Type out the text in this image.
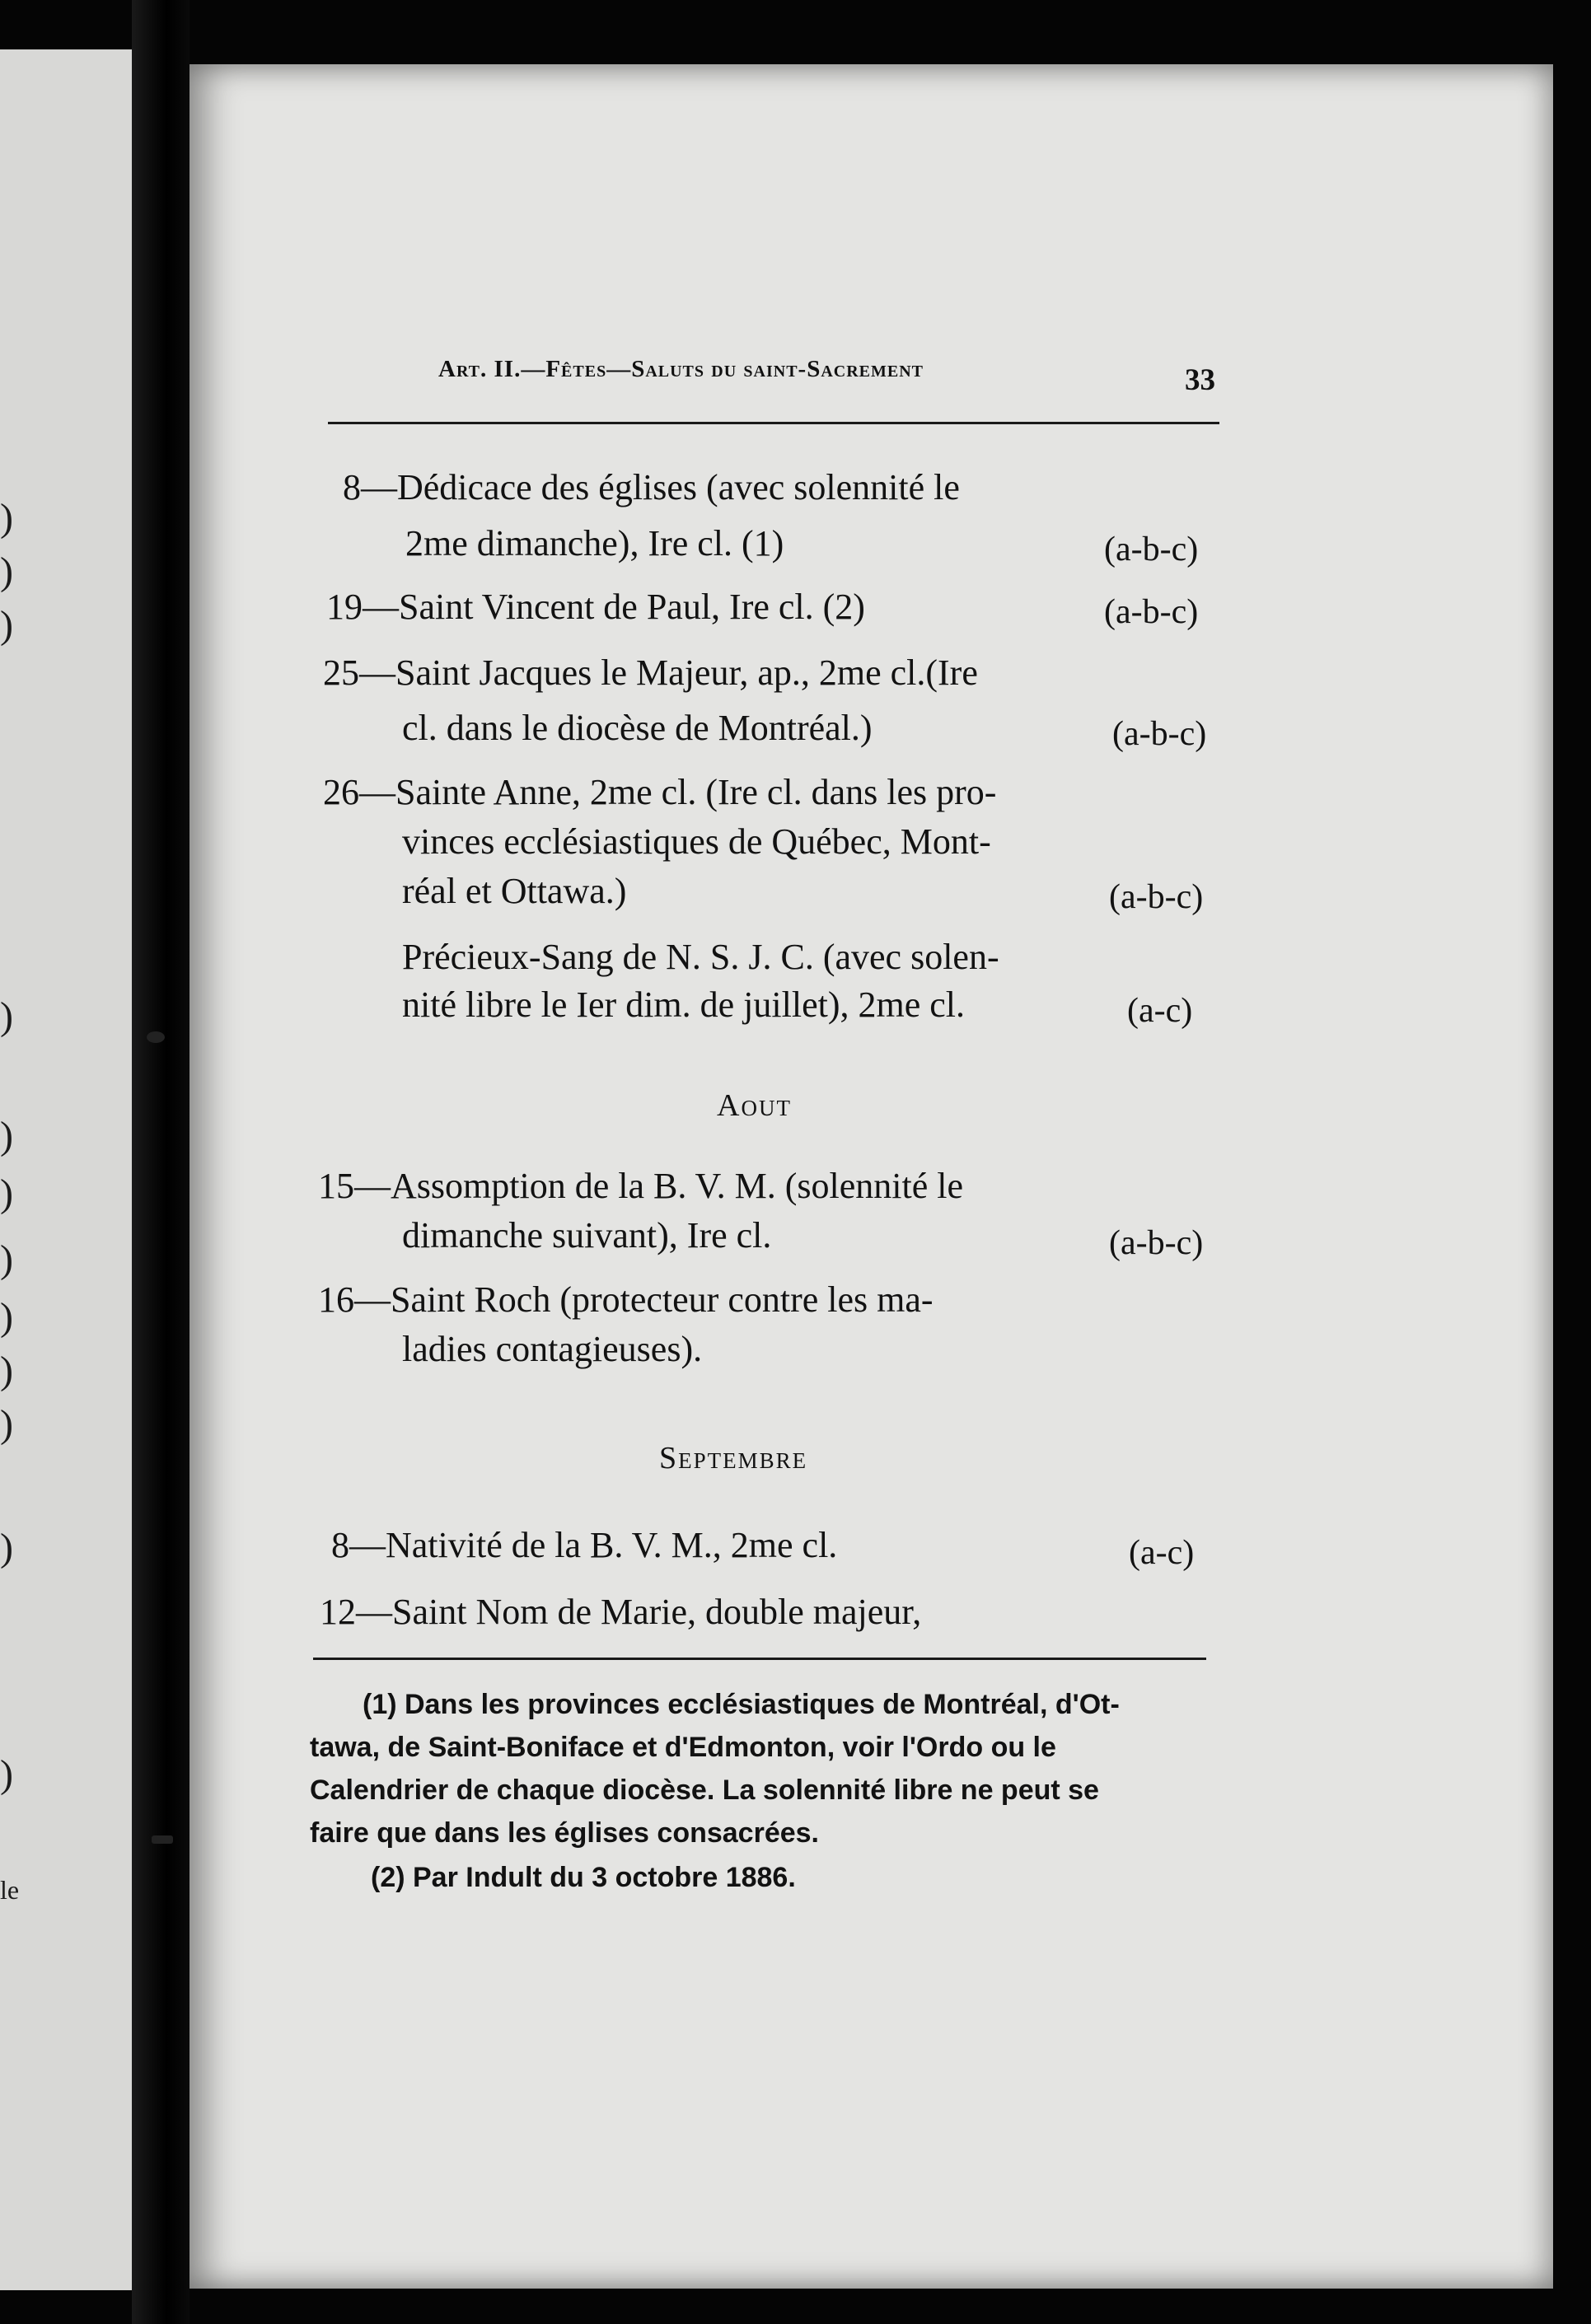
)
)
)
)
)
)
)
)
)
)
)
)
le
Art. II.—Fêtes—Saluts du saint-Sacrement	33
8—Dédicace des églises (avec solennité le
2me dimanche), Ire cl. (1)	(a-b-c)
19—Saint Vincent de Paul, Ire cl. (2)	(a-b-c)
25—Saint Jacques le Majeur, ap., 2me cl.(Ire
cl. dans le diocèse de Montréal.)	(a-b-c)
26—Sainte Anne, 2me cl. (Ire cl. dans les pro-
vinces ecclésiastiques de Québec, Mont-
réal et Ottawa.)	(a-b-c)
Précieux-Sang de N. S. J. C. (avec solen-
nité libre le Ier dim. de juillet), 2me cl.	(a-c)
Aout
15—Assomption de la B. V. M. (solennité le
dimanche suivant), Ire cl.	(a-b-c)
16—Saint Roch (protecteur contre les ma-
ladies contagieuses).
Septembre
8—Nativité de la B. V. M., 2me cl.	(a-c)
12—Saint Nom de Marie, double majeur,
(1) Dans les provinces ecclésiastiques de Montréal, d'Ot-
tawa, de Saint-Boniface et d'Edmonton, voir l'Ordo ou le
Calendrier de chaque diocèse. La solennité libre ne peut se
faire que dans les églises consacrées.
(2) Par Indult du 3 octobre 1886.
